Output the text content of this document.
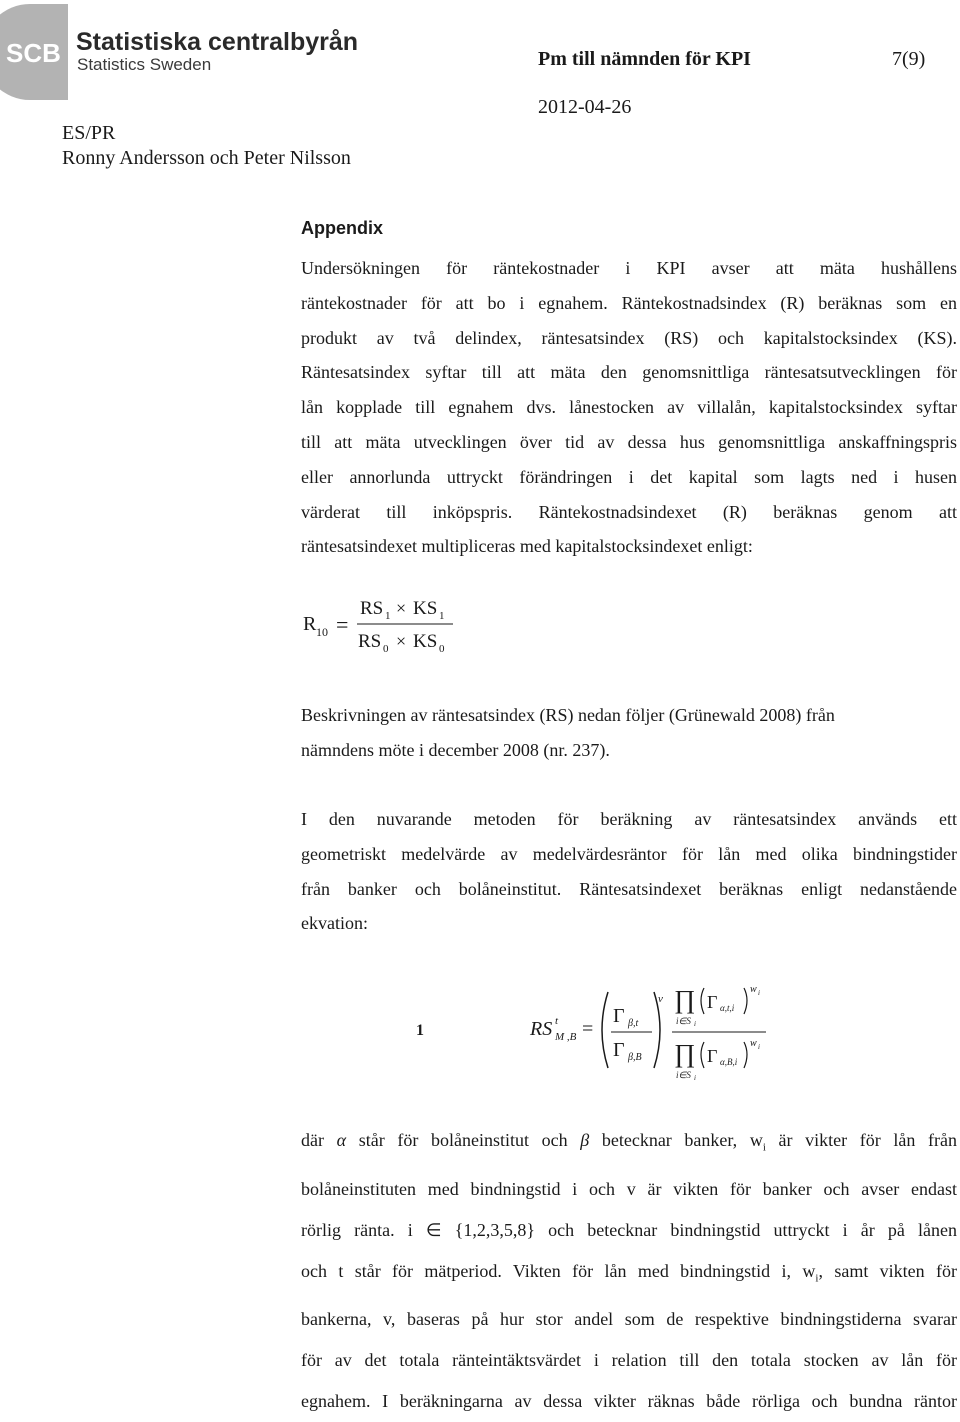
SCB Statistiska centralbyrån
Statistics Sweden	Pm till nämnden för KPI	7(9)
2012-04-26
ES/PR
Ronny Andersson och Peter Nilsson
Appendix
Undersökningen för räntekostnader i KPI avser att mäta hushållens
räntekostnader för att bo i egnahem. Räntekostnadsindex (R) beräknas som en
produkt av två delindex, räntesatsindex (RS) och kapitalstocksindex (KS).
Räntesatsindex syftar till att mäta den genomsnittliga räntesatsutvecklingen för
lån kopplade till egnahem dvs. lånestocken av villalån, kapitalstocksindex syftar
till att mäta utvecklingen över tid av dessa hus genomsnittliga anskaffningspris
eller annorlunda uttryckt förändringen i det kapital som lagts ned i husen
värderat till inköpspris. Räntekostnadsindexet (R) beräknas genom att
räntesatsindexet multipliceras med kapitalstocksindexet enligt:
R 10 =
RS 1 × KS 1
RS 0 × KS 0
Beskrivningen av räntesatsindex (RS) nedan följer (Grünewald 2008) från
nämndens möte i december 2008 (nr. 237).
I den nuvarande metoden för beräkning av räntesatsindex används ett
geometriskt medelvärde av medelvärdesräntor för lån med olika bindningstider
från banker och bolåneinstitut. Räntesatsindexet beräknas enligt nedanstående
ekvation:
1	RS t
M ,B =
Γ β,t
Γ β,B
v ∏
i∈S i
Γ α,t,i
w i
∏
i∈S i
Γ α,B,i
w i
där α står för bolåneinstitut och β betecknar banker, $w_i$ är vikter för lån från
bolåneinstituten med bindningstid i och v är vikten för banker och avser endast
rörlig ränta. i ∈ {1,2,3,5,8} och betecknar bindningstid uttryckt i år på lånen
och t står för mätperiod. Vikten för lån med bindningstid i, $w_i$, samt vikten för
bankerna, v, baseras på hur stor andel som de respektive bindningstiderna svarar
för av det totala ränteintäktsvärdet i relation till den totala stocken av lån för
egnahem. I beräkningarna av dessa vikter räknas både rörliga och bundna räntor
